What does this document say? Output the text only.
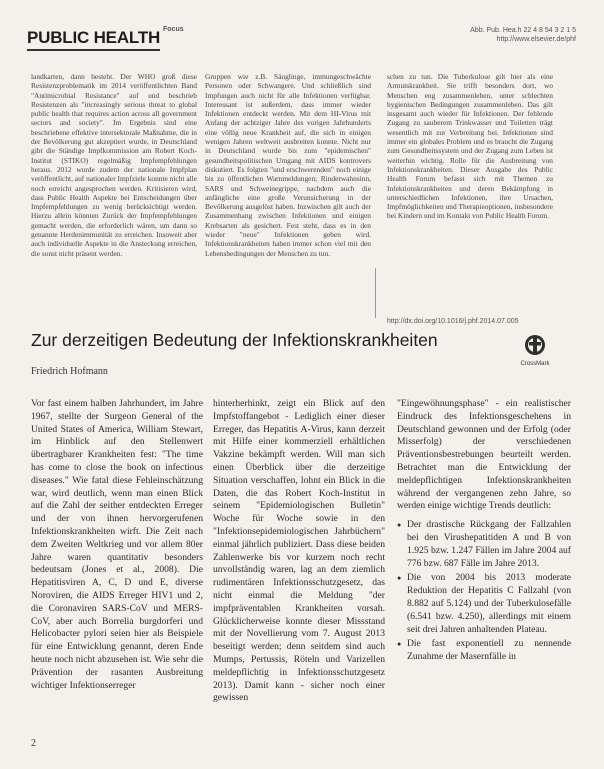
Focus
PUBLIC HEALTH	Abb. Pub. Hea.h 22 4 8 54 3 2 1 5
http://www.elsevier.de/phf

landkarten, dann besteht. Der WHO groß diese Resistenzproblematik im 2014 veröffentlichten Band "Antimicrobial Resistance" auf und beschrieb Resistenzen als "increasingly serious threat to global public health that requires action across all government sectors and society". Im Ergebnis sind eine beschriebene effektive intersektorale Maßnahme, die in der Bevölkerung gut akzeptiert wurde, in Deutschland gibt die Ständige Impfkommission am Robert Koch-Institut (STIKO) regelmäßig Impfempfehlungen heraus. 2012 wurde zudem der nationale Impfplan veröffentlicht, auf nationaler Impfziele konnte nicht alle noch erreicht angesprochen werden. Kritisieren wird, dass Public Health Aspekte bei Entscheidungen über Impfempfehlungen zu wenig berücksichtigt werden. Hierzu allein könnten Zurück der Impfempfehlungen gemacht werden, die erforderlich wären, um dann so genannte Herdenimmunität zu erreichen. Insoweit aber auch individuelle Aspekte in die Ansteckung erreichen, die sonst nicht präsent werden.

Gruppen wie z.B. Säuglinge, immungeschwächte Personen oder Schwangere. Und schließlich sind Impfungen auch nicht für alle Infektionen verfügbar. Interessant ist außerdem, dass immer wieder Infektionen entdeckt werden. Mit dem HI-Virus mit Anfang der achtziger Jahre des vorigen Jahrhunderts eine völlig neue Krankheit auf, die sich in einigen wenigen Jahren weltweit ausbreiten konnte. Nicht nur in Deutschland wurde bis zum "epidemischen" gesundheitspolitischen Umgang mit AIDS kontrovers diskutiert. Es folgten "und erschwerenden" noch einige bis zu öffentlichen Warnmeldungen; Rinderwahnsinn, SARS und Schweinegrippe, nachdem auch die anfängliche eine große Verunsicherung in der Bevölkerung ausgelöst haben. Inzwischen gilt auch der Zusammenhang zwischen Infektionen und einigen Krebsarten als gesichert. Fest steht, dass es in den wieder "neue" Infektionen geben wird. Infektionskrankheiten haben immer schon viel mit den Lebensbedingungen der Menschen zu tun.

schen zu tun. Die Tuberkulose gilt hier als eine Armutskrankheit. Sie trifft besonders dort, wo Menschen eng zusammenleben, unter schlechten hygienischen Bedingungen zusammenleben. Das gilt insgesamt auch wieder für Infektionen. Der fehlende Zugang zu sauberem Trinkwasser und Toiletten trägt wesentlich mit zur Verbreitung bei. Infektionen sind immer ein globales Problem und es braucht die Zugang zum Gesundheitssystem und der Zugang zum Leben ist weiterhin wichtig. Rolle für die Ausbreitung von Infektionskrankheiten. Dieser Ausgabe des Public Health Forum befasst sich mit Themen zu Infektionskrankheiten und deren Bekämpfung in unterschiedlichen Infektionen, ihre Ursachen, Impfmöglichkeiten und Therapieoptionen, insbesondere bei Kindern und im Kontakt von Public Health Forum.

http://dx.doi.org/10.1016/j.phf.2014.07.005
Zur derzeitigen Bedeutung der Infektionskrankheiten
CrossMark
Friedrich Hofmann

Vor fast einem halben Jahrhundert, im Jahre 1967, stellte der Surgeon General of the United States of America, William Stewart, im Hinblick auf den Stellenwert übertragbarer Krankheiten fest: "The time has come to close the book on infectious diseases." Wie fatal diese Fehleinschätzung war, wird deutlich, wenn man einen Blick auf die Zahl der seither entdeckten Erreger und der von ihnen hervorgerufenen Infektionskrankheiten wirft. Die Zeit nach dem Zweiten Weltkrieg und vor allem 80er Jahre waren quantitativ besonders bedeutsam (Jones et al., 2008). Die Hepatitisviren A, C, D und E, diverse Noroviren, die AIDS Erreger HIV1 und 2, die Coronaviren SARS-CoV und MERS-CoV, aber auch Borrelia burgdorferi und Helicobacter pylori seien hier als Beispiele für eine Entwicklung genannt, deren Ende heute noch nicht abzusehen ist. Wie sehr die Prävention der rasanten Ausbreitung wichtiger Infektionserreger

hinterherhinkt, zeigt ein Blick auf den Impfstoffangebot - Lediglich einer dieser Erreger, das Hepatitis A-Virus, kann derzeit mit Hilfe einer kommerziell erhältlichen Vakzine bekämpft werden. Will man sich einen Überblick über die derzeitige Situation verschaffen, lohnt ein Blick in die Daten, die das Robert Koch-Institut in seinem "Epidemiologischen Bulletin" Woche für Woche sowie in den "Infektionsepidemiologischen Jahrbüchern" einmal jährlich publiziert. Dass diese beiden Zahlenwerke bis vor kurzem noch recht unvollständig waren, lag an dem ziemlich rudimentären Infektionsschutzgesetz, das nicht einmal die Meldung "der impfpräventablen Krankheiten vorsah. Glücklicherweise konnte dieser Missstand mit der Novellierung vom 7. August 2013 beseitigt werden; denn seitdem sind auch Mumps, Pertussis, Röteln und Varizellen meldepflichtig in Infektionsschutzgesetz 2013). Damit kann - sicher noch einer gewissen

"Eingewöhnungsphase" - ein realistischer Eindruck des Infektionsgeschehens in Deutschland gewonnen und der Erfolg (oder Misserfolg) der verschiedenen Präventionsbestrebungen beurteilt werden. Betrachtet man die Entwicklung der meldepflichtigen Infektionskrankheiten während der vergangenen zehn Jahre, so werden einige wichtige Trends deutlich:

● Der drastische Rückgang der Fallzahlen bei den Virushepatitiden A und B von 1.925 bzw. 1.247 Fällen im Jahre 2004 auf 776 bzw. 687 Fälle im Jahre 2013.
● Die von 2004 bis 2013 moderate Reduktion der Hepatitis C Fallzahl (von 8.882 auf 5.124) und der Tuberkulosefälle (6.541 bzw. 4.250), allerdings mit einem seit drei Jahren anhaltenden Plateau.
● Die fast exponentiell zu nennende Zunahme der Masernfälle in
2
